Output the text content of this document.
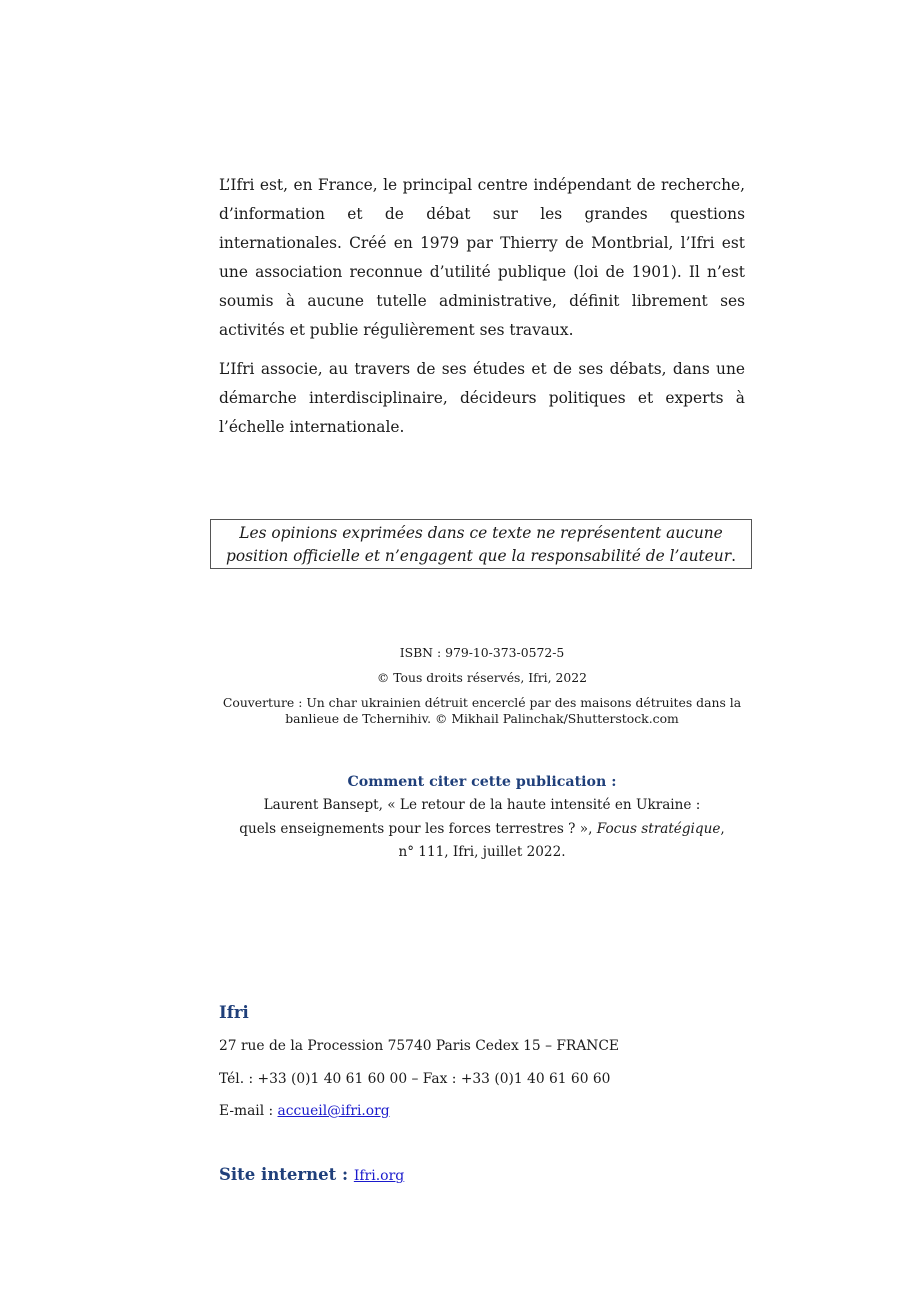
L’Ifri est, en France, le principal centre indépendant de recherche, d’information et de débat sur les grandes questions internationales. Créé en 1979 par Thierry de Montbrial, l’Ifri est une association reconnue d’utilité publique (loi de 1901). Il n’est soumis à aucune tutelle administrative, définit librement ses activités et publie régulièrement ses travaux.

L’Ifri associe, au travers de ses études et de ses débats, dans une démarche interdisciplinaire, décideurs politiques et experts à l’échelle internationale.

Les opinions exprimées dans ce texte ne représentent aucune
position officielle et n’engagent que la responsabilité de l’auteur.
ISBN : 979-10-373-0572-5
© Tous droits réservés, Ifri, 2022
Couverture : Un char ukrainien détruit encerclé par des maisons détruites dans la
banlieue de Tchernihiv. © Mikhail Palinchak/Shutterstock.com
Comment citer cette publication :
Laurent Bansept, « Le retour de la haute intensité en Ukraine :
quels enseignements pour les forces terrestres ? », Focus stratégique,
n° 111, Ifri, juillet 2022.
Ifri
27 rue de la Procession 75740 Paris Cedex 15 – FRANCE
Tél. : +33 (0)1 40 61 60 00 – Fax : +33 (0)1 40 61 60 60
E-mail : accueil@ifri.org
Site internet : Ifri.org
